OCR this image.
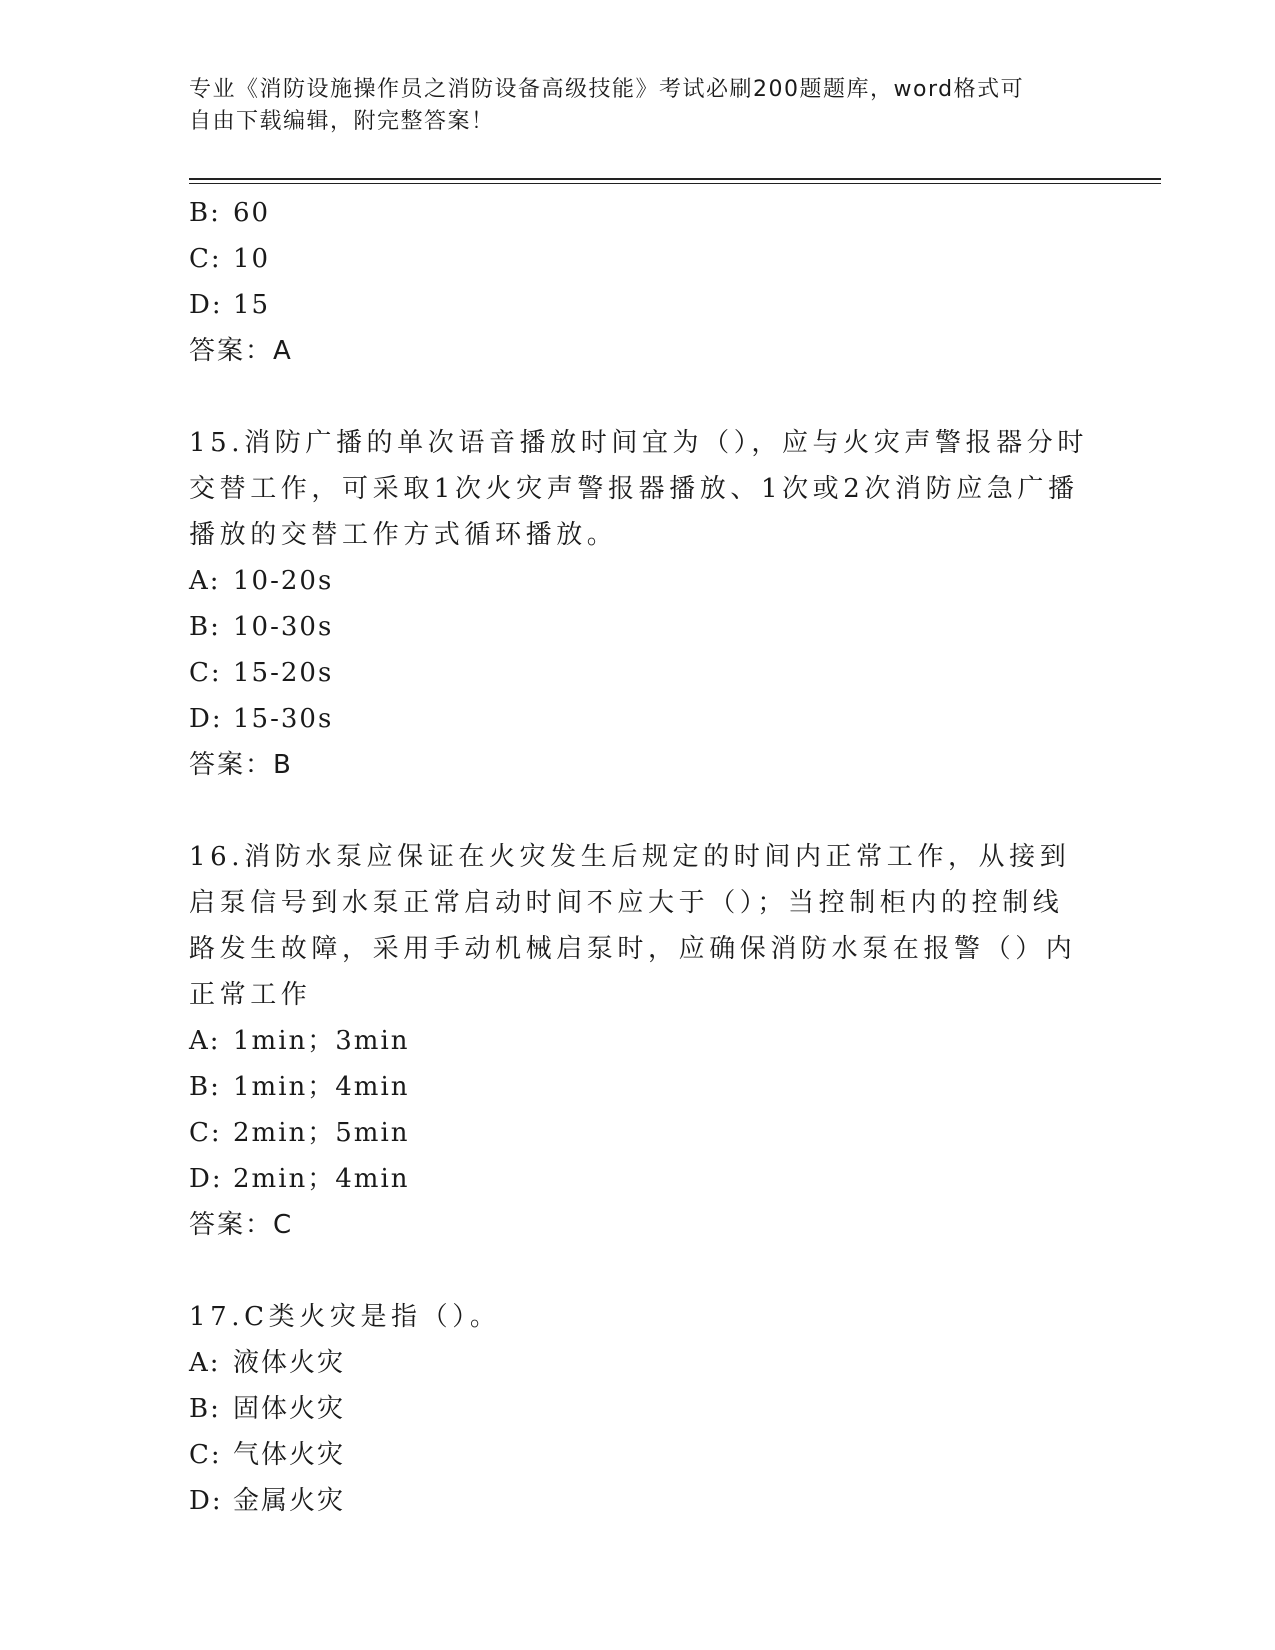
专业《消防设施操作员之消防设备高级技能》考试必刷200题题库，word格式可
自由下载编辑，附完整答案！
B: 60
C: 10
D: 15
答案：A
15.消防广播的单次语音播放时间宜为（），应与火灾声警报器分时交替工作，可采取1次火灾声警报器播放、1次或2次消防应急广播播放的交替工作方式循环播放。
A: 10-20s
B: 10-30s
C: 15-20s
D: 15-30s
答案：B
16.消防水泵应保证在火灾发生后规定的时间内正常工作，从接到启泵信号到水泵正常启动时间不应大于（）；当控制柜内的控制线路发生故障，采用手动机械启泵时，应确保消防水泵在报警（）内正常工作
A: 1min；3min
B: 1min；4min
C: 2min；5min
D: 2min；4min
答案：C
17.C类火灾是指（）。
A: 液体火灾
B: 固体火灾
C: 气体火灾
D: 金属火灾
